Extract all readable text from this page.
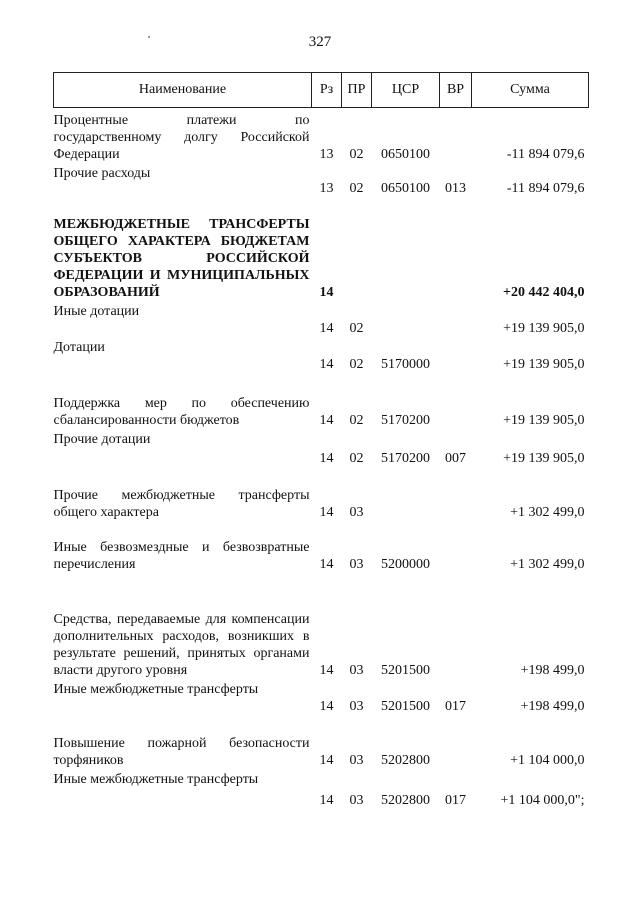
327
Наименование	Рз	ПР	ЦСР	ВР	Сумма
Процентные платежи по государственному долгу Российской Федерации	13	02	0650100		-11 894 079,6
Прочие расходы	13	02	0650100	013	-11 894 079,6
МЕЖБЮДЖЕТНЫЕ ТРАНСФЕРТЫ ОБЩЕГО ХАРАКТЕРА БЮДЖЕТАМ СУБЪЕКТОВ РОССИЙСКОЙ ФЕДЕРАЦИИ И МУНИЦИПАЛЬНЫХ ОБРАЗОВАНИЙ	14				+20 442 404,0
Иные дотации	14	02			+19 139 905,0
Дотации	14	02	5170000		+19 139 905,0
Поддержка мер по обеспечению сбалансированности бюджетов	14	02	5170200		+19 139 905,0
Прочие дотации	14	02	5170200	007	+19 139 905,0
Прочие межбюджетные трансферты общего характера	14	03			+1 302 499,0
Иные безвозмездные и безвозвратные перечисления	14	03	5200000		+1 302 499,0
Средства, передаваемые для компенсации дополнительных расходов, возникших в результате решений, принятых органами власти другого уровня	14	03	5201500		+198 499,0
Иные межбюджетные трансферты	14	03	5201500	017	+198 499,0
Повышение пожарной безопасности торфяников	14	03	5202800		+1 104 000,0
Иные межбюджетные трансферты	14	03	5202800	017	+1 104 000,0";
